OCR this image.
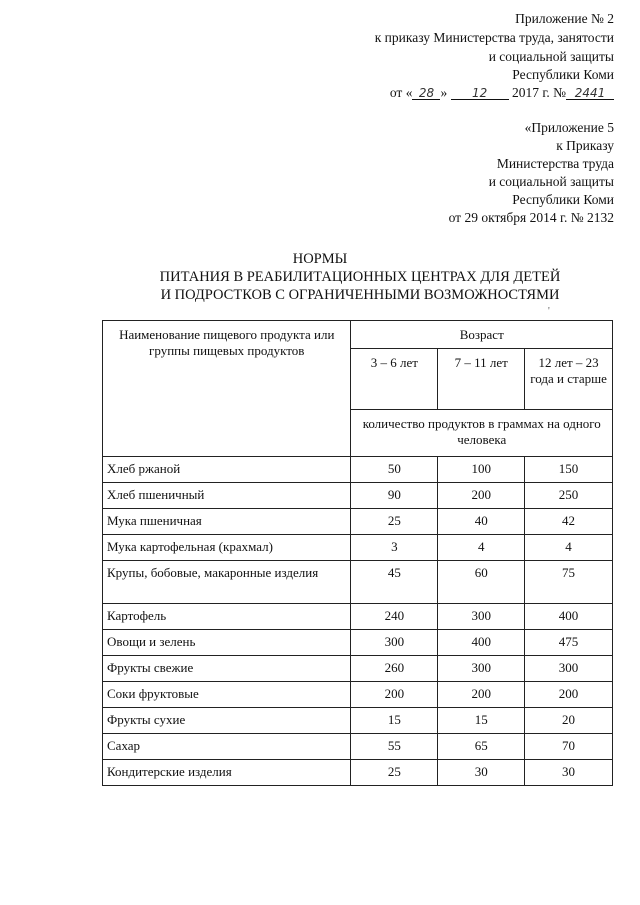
Приложение № 2
к приказу Министерства труда, занятости
и социальной защиты
Республики Коми
от « 28 » 12 2017 г. № 2441
«Приложение 5
к Приказу
Министерства труда
и социальной защиты
Республики Коми
от 29 октября 2014 г. № 2132
НОРМЫ
ПИТАНИЯ В РЕАБИЛИТАЦИОННЫХ ЦЕНТРАХ ДЛЯ ДЕТЕЙ
И ПОДРОСТКОВ С ОГРАНИЧЕННЫМИ ВОЗМОЖНОСТЯМИ
'
Наименование пищевого продукта или группы пищевых продуктов	Возраст		
	3 – 6 лет	7 – 11 лет	12 лет – 23 года и старше
	количество продуктов в граммах на одного человека		
Хлеб ржаной	50	100	150
Хлеб пшеничный	90	200	250
Мука пшеничная	25	40	42
Мука картофельная (крахмал)	3	4	4
Крупы, бобовые, макаронные изделия	45	60	75
Картофель	240	300	400
Овощи и зелень	300	400	475
Фрукты свежие	260	300	300
Соки фруктовые	200	200	200
Фрукты сухие	15	15	20
Сахар	55	65	70
Кондитерские изделия	25	30	30
